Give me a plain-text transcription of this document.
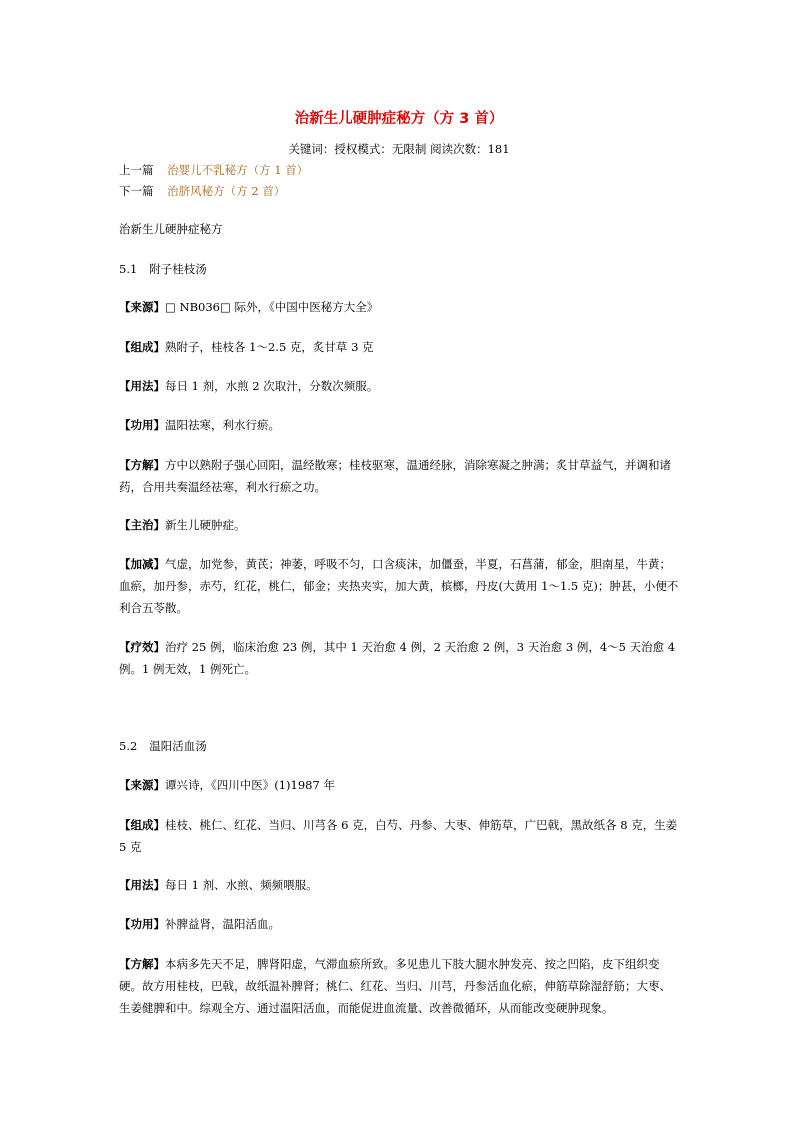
治新生儿硬肿症秘方（方 3 首）
关键词：授权模式：无限制 阅读次数：181
上一篇 治婴儿不乳秘方（方 1 首）
下一篇 治脐风秘方（方 2 首）
治新生儿硬肿症秘方
5.1 附子桂枝汤
【来源】□ NB036□ 际外，《中国中医秘方大全》
【组成】熟附子，桂枝各 1～2.5 克，炙甘草 3 克
【用法】每日 1 剂，水煎 2 次取汁，分数次频服。
【功用】温阳祛寒，利水行瘀。
【方解】方中以熟附子强心回阳，温经散寒；桂枝驱寒，温通经脉，消除寒凝之肿满；炙甘草益气，并调和诸药，合用共奏温经祛寒，利水行瘀之功。
【主治】新生儿硬肿症。
【加减】气虚，加党参，黄芪；神萎，呼吸不匀，口含痰沫，加僵蚕，半夏，石菖蒲，郁金，胆南星，牛黄；血瘀，加丹参，赤芍，红花，桃仁，郁金；夹热夹实，加大黄，槟榔，丹皮(大黄用 1～1.5 克)；肿甚，小便不利合五苓散。
【疗效】治疗 25 例，临床治愈 23 例，其中 1 天治愈 4 例，2 天治愈 2 例，3 天治愈 3 例，4～5 天治愈 4 例。1 例无效，1 例死亡。
5.2 温阳活血汤
【来源】谭兴诗，《四川中医》(1)1987 年
【组成】桂枝、桃仁、红花、当归、川芎各 6 克，白芍、丹参、大枣、伸筋草，广巴戟，黑故纸各 8 克，生姜 5 克
【用法】每日 1 剂、水煎、频频喂服。
【功用】补脾益肾，温阳活血。
【方解】本病多先天不足，脾肾阳虚，气滞血瘀所致。多见患儿下肢大腿水肿发亮、按之凹陷，皮下组织变硬。故方用桂枝，巴戟，故纸温补脾肾；桃仁、红花、当归、川芎，丹参活血化瘀，伸筋草除湿舒筋；大枣、生姜健脾和中。综观全方、通过温阳活血，而能促进血流量、改善微循环，从而能改变硬肿现象。
